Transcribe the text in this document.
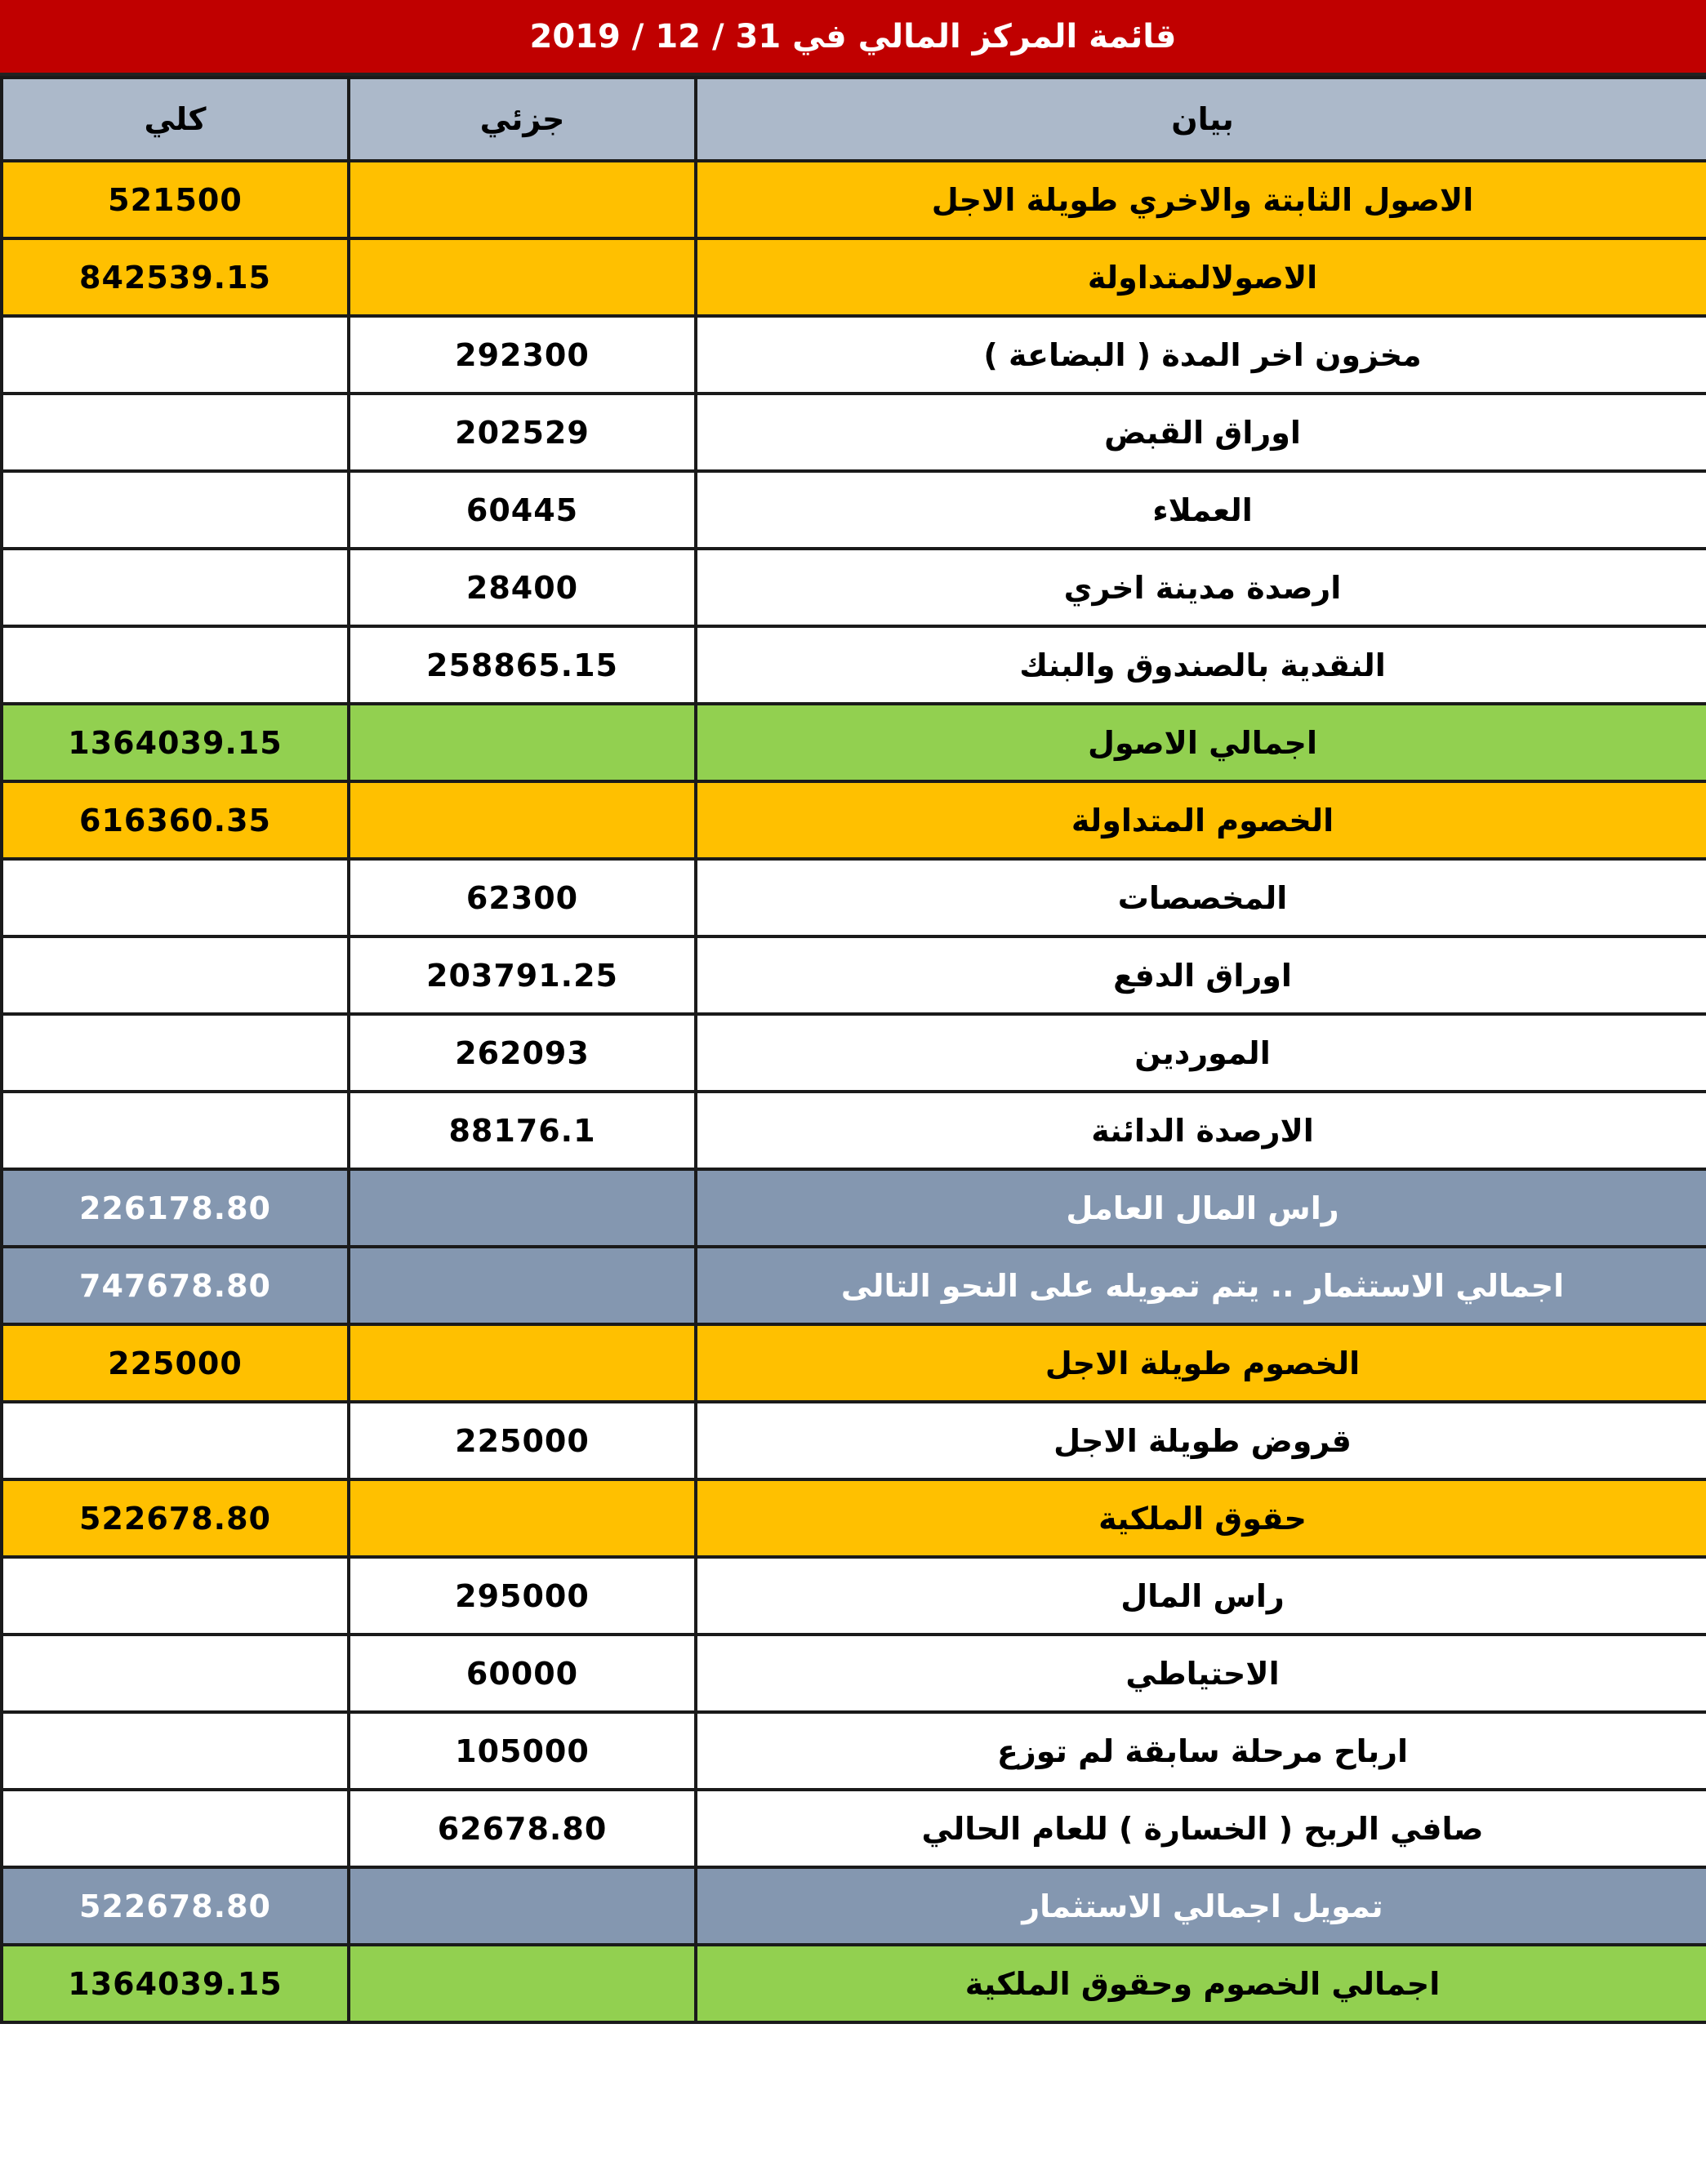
قائمة المركز المالي في 31 / 12 / 2019
كلي	جزئي	بيان
521500		الاصول الثابتة والاخري طويلة الاجل
842539.15		الاصولالمتداولة
	292300	مخزون اخر المدة ( البضاعة )
	202529	اوراق القبض
	60445	العملاء
	28400	ارصدة مدينة اخري
	258865.15	النقدية بالصندوق والبنك
1364039.15		اجمالي الاصول
616360.35		الخصوم المتداولة
	62300	المخصصات
	203791.25	اوراق الدفع
	262093	الموردين
	88176.1	الارصدة الدائنة
226178.80		راس المال العامل
747678.80		اجمالي الاستثمار .. يتم تمويله على النحو التالى
225000		الخصوم طويلة الاجل
	225000	قروض طويلة الاجل
522678.80		حقوق الملكية
	295000	راس المال
	60000	الاحتياطي
	105000	ارباح مرحلة سابقة لم توزع
	62678.80	صافي الربح ( الخسارة ) للعام الحالي
522678.80		تمويل اجمالي الاستثمار
1364039.15		اجمالي الخصوم وحقوق الملكية
خمسات
